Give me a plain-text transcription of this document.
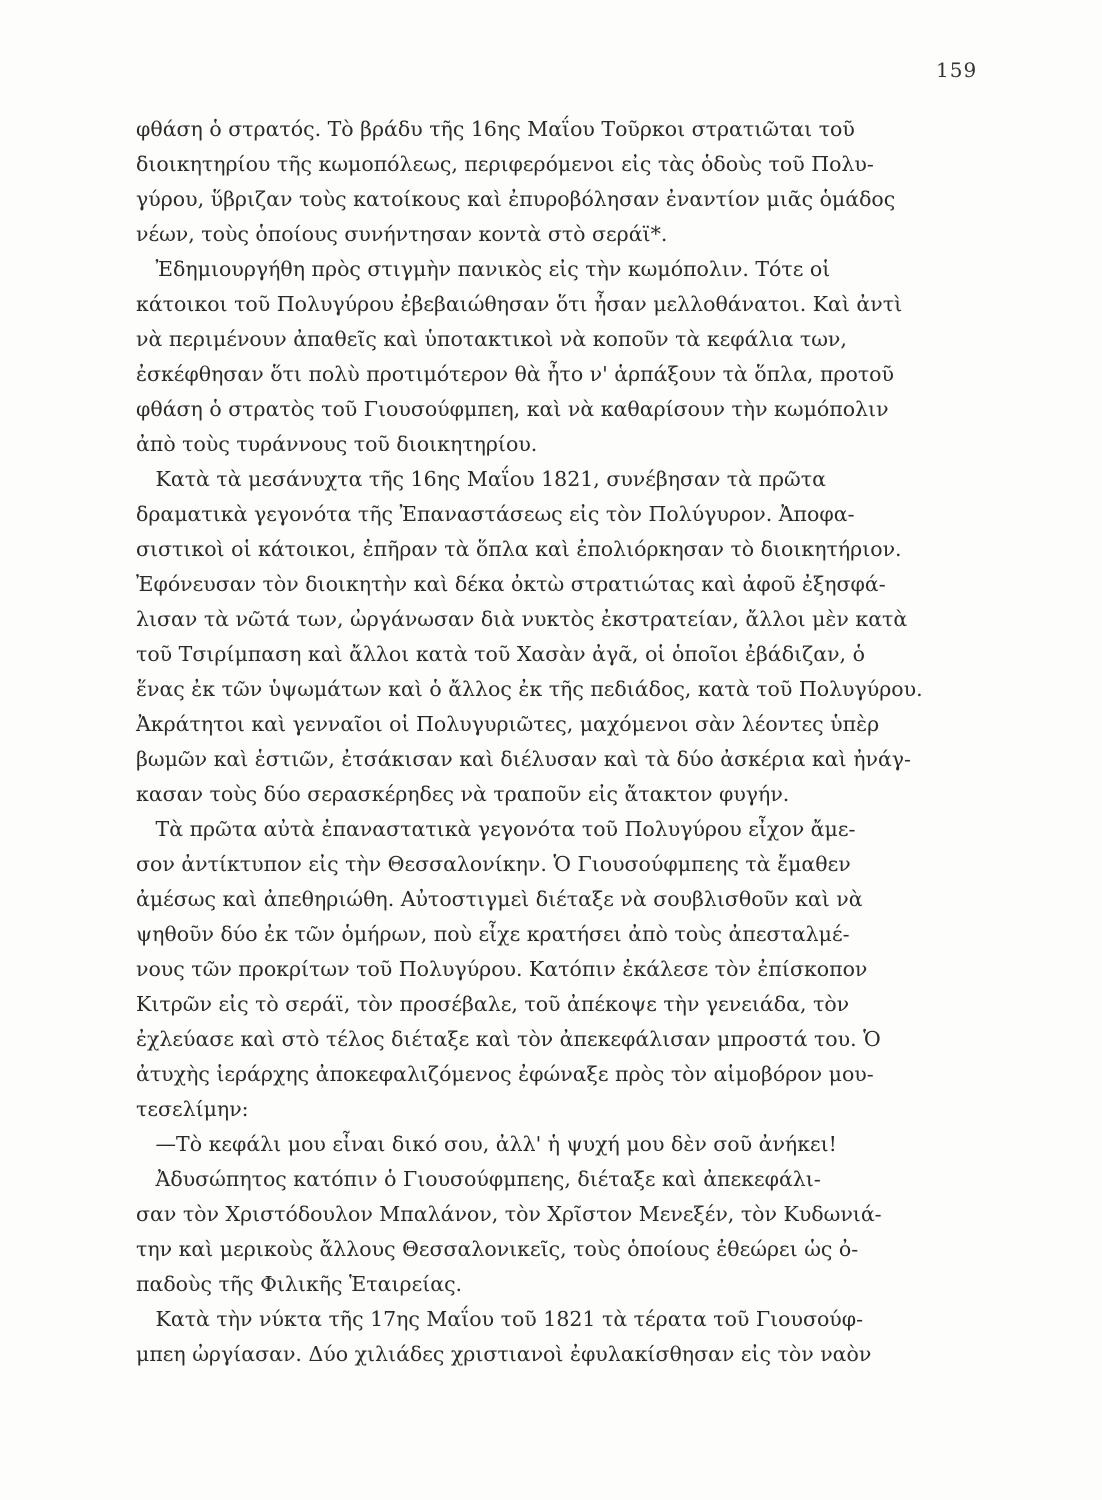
159
φθάση ὁ στρατός. Τὸ βράδυ τῆς 16ης Μαΐου Τοῦρκοι στρατιῶται τοῦ
διοικητηρίου τῆς κωμοπόλεως, περιφερόμενοι εἰς τὰς ὁδοὺς τοῦ Πολυ-
γύρου, ὕβριζαν τοὺς κατοίκους καὶ ἐπυροβόλησαν ἐναντίον μιᾶς ὁμάδος
νέων, τοὺς ὁποίους συνήντησαν κοντὰ στὸ σεράϊ*.
Ἐδημιουργήθη πρὸς στιγμὴν πανικὸς εἰς τὴν κωμόπολιν. Τότε οἱ
κάτοικοι τοῦ Πολυγύρου ἐβεβαιώθησαν ὅτι ἦσαν μελλοθάνατοι. Καὶ ἀντὶ
νὰ περιμένουν ἀπαθεῖς καὶ ὑποτακτικοὶ νὰ κοποῦν τὰ κεφάλια των,
ἐσκέφθησαν ὅτι πολὺ προτιμότερον θὰ ἦτο ν' ἁρπάξουν τὰ ὅπλα, προτοῦ
φθάση ὁ στρατὸς τοῦ Γιουσούφμπεη, καὶ νὰ καθαρίσουν τὴν κωμόπολιν
ἀπὸ τοὺς τυράννους τοῦ διοικητηρίου.
Κατὰ τὰ μεσάνυχτα τῆς 16ης Μαΐου 1821, συνέβησαν τὰ πρῶτα
δραματικὰ γεγονότα τῆς Ἐπαναστάσεως εἰς τὸν Πολύγυρον. Ἀποφα-
σιστικοὶ οἱ κάτοικοι, ἐπῆραν τὰ ὅπλα καὶ ἐπολιόρκησαν τὸ διοικητήριον.
Ἐφόνευσαν τὸν διοικητὴν καὶ δέκα ὀκτὼ στρατιώτας καὶ ἀφοῦ ἐξησφά-
λισαν τὰ νῶτά των, ὠργάνωσαν διὰ νυκτὸς ἐκστρατείαν, ἄλλοι μὲν κατὰ
τοῦ Τσιρίμπαση καὶ ἄλλοι κατὰ τοῦ Χασὰν ἀγᾶ, οἱ ὁποῖοι ἐβάδιζαν, ὁ
ἕνας ἐκ τῶν ὑψωμάτων καὶ ὁ ἄλλος ἐκ τῆς πεδιάδος, κατὰ τοῦ Πολυγύρου.
Ἀκράτητοι καὶ γενναῖοι οἱ Πολυγυριῶτες, μαχόμενοι σὰν λέοντες ὑπὲρ
βωμῶν καὶ ἑστιῶν, ἐτσάκισαν καὶ διέλυσαν καὶ τὰ δύο ἀσκέρια καὶ ἠνάγ-
κασαν τοὺς δύο σερασκέρηδες νὰ τραποῦν εἰς ἄτακτον φυγήν.
Τὰ πρῶτα αὐτὰ ἐπαναστατικὰ γεγονότα τοῦ Πολυγύρου εἶχον ἄμε-
σον ἀντίκτυπον εἰς τὴν Θεσσαλονίκην. Ὁ Γιουσούφμπεης τὰ ἔμαθεν
ἀμέσως καὶ ἀπεθηριώθη. Αὐτοστιγμεὶ διέταξε νὰ σουβλισθοῦν καὶ νὰ
ψηθοῦν δύο ἐκ τῶν ὁμήρων, ποὺ εἶχε κρατήσει ἀπὸ τοὺς ἀπεσταλμέ-
νους τῶν προκρίτων τοῦ Πολυγύρου. Κατόπιν ἐκάλεσε τὸν ἐπίσκοπον
Κιτρῶν εἰς τὸ σεράϊ, τὸν προσέβαλε, τοῦ ἀπέκοψε τὴν γενειάδα, τὸν
ἐχλεύασε καὶ στὸ τέλος διέταξε καὶ τὸν ἀπεκεφάλισαν μπροστά του. Ὁ
ἀτυχὴς ἱεράρχης ἀποκεφαλιζόμενος ἐφώναξε πρὸς τὸν αἱμοβόρον μου-
τεσελίμην:
—Τὸ κεφάλι μου εἶναι δικό σου, ἀλλ' ἡ ψυχή μου δὲν σοῦ ἀνήκει!
Ἀδυσώπητος κατόπιν ὁ Γιουσούφμπεης, διέταξε καὶ ἀπεκεφάλι-
σαν τὸν Χριστόδουλον Μπαλάνον, τὸν Χρῖστον Μενεξέν, τὸν Κυδωνιά-
την καὶ μερικοὺς ἄλλους Θεσσαλονικεῖς, τοὺς ὁποίους ἐθεώρει ὡς ὀ-
παδοὺς τῆς Φιλικῆς Ἑταιρείας.
Κατὰ τὴν νύκτα τῆς 17ης Μαΐου τοῦ 1821 τὰ τέρατα τοῦ Γιουσούφ-
μπεη ὠργίασαν. Δύο χιλιάδες χριστιανοὶ ἐφυλακίσθησαν εἰς τὸν ναὸν
